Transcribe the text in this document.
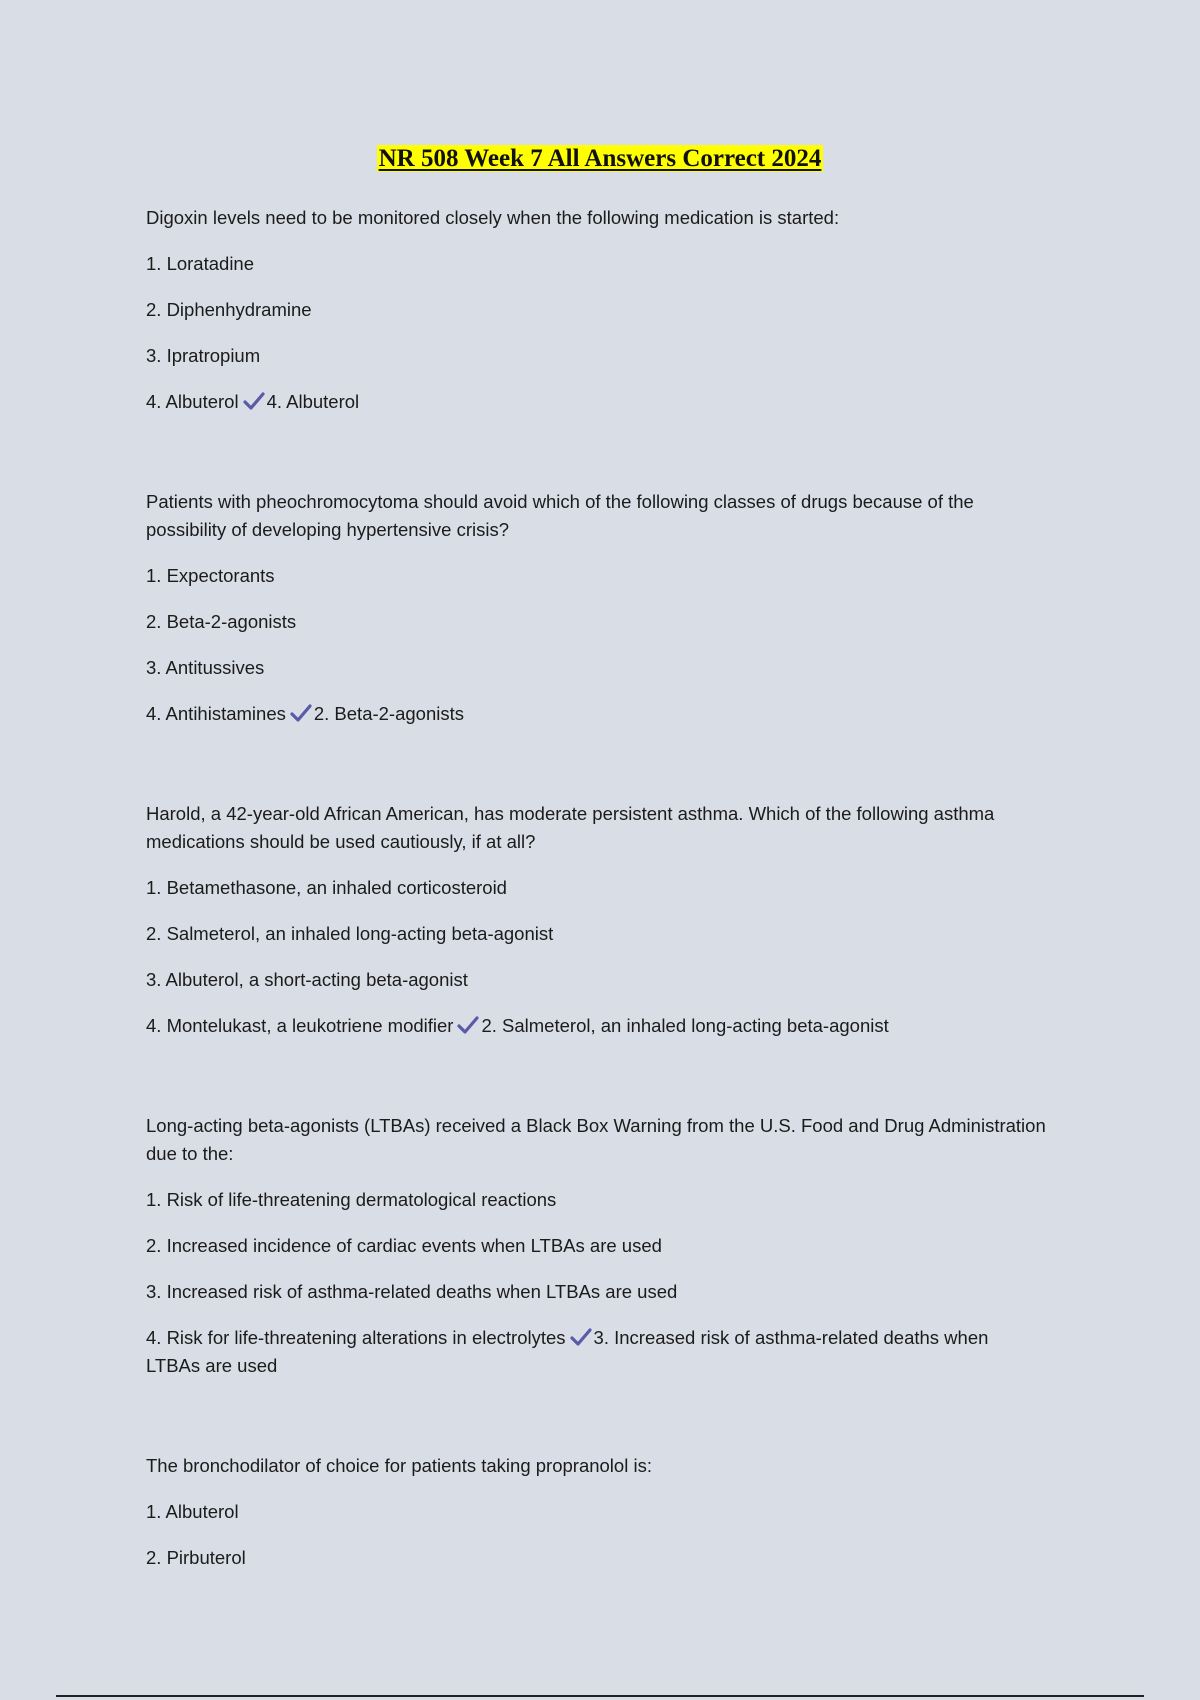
NR 508 Week 7 All Answers Correct 2024

Digoxin levels need to be monitored closely when the following medication is started:

1. Loratadine
2. Diphenhydramine
3. Ipratropium
4. Albuterol 4. Albuterol

Patients with pheochromocytoma should avoid which of the following classes of drugs because of the possibility of developing hypertensive crisis?

1. Expectorants
2. Beta-2-agonists
3. Antitussives
4. Antihistamines 2. Beta-2-agonists

Harold, a 42-year-old African American, has moderate persistent asthma. Which of the following asthma medications should be used cautiously, if at all?

1. Betamethasone, an inhaled corticosteroid
2. Salmeterol, an inhaled long-acting beta-agonist
3. Albuterol, a short-acting beta-agonist
4. Montelukast, a leukotriene modifier 2. Salmeterol, an inhaled long-acting beta-agonist

Long-acting beta-agonists (LTBAs) received a Black Box Warning from the U.S. Food and Drug Administration due to the:

1. Risk of life-threatening dermatological reactions
2. Increased incidence of cardiac events when LTBAs are used
3. Increased risk of asthma-related deaths when LTBAs are used
4. Risk for life-threatening alterations in electrolytes 3. Increased risk of asthma-related deaths when LTBAs are used

The bronchodilator of choice for patients taking propranolol is:

1. Albuterol
2. Pirbuterol
